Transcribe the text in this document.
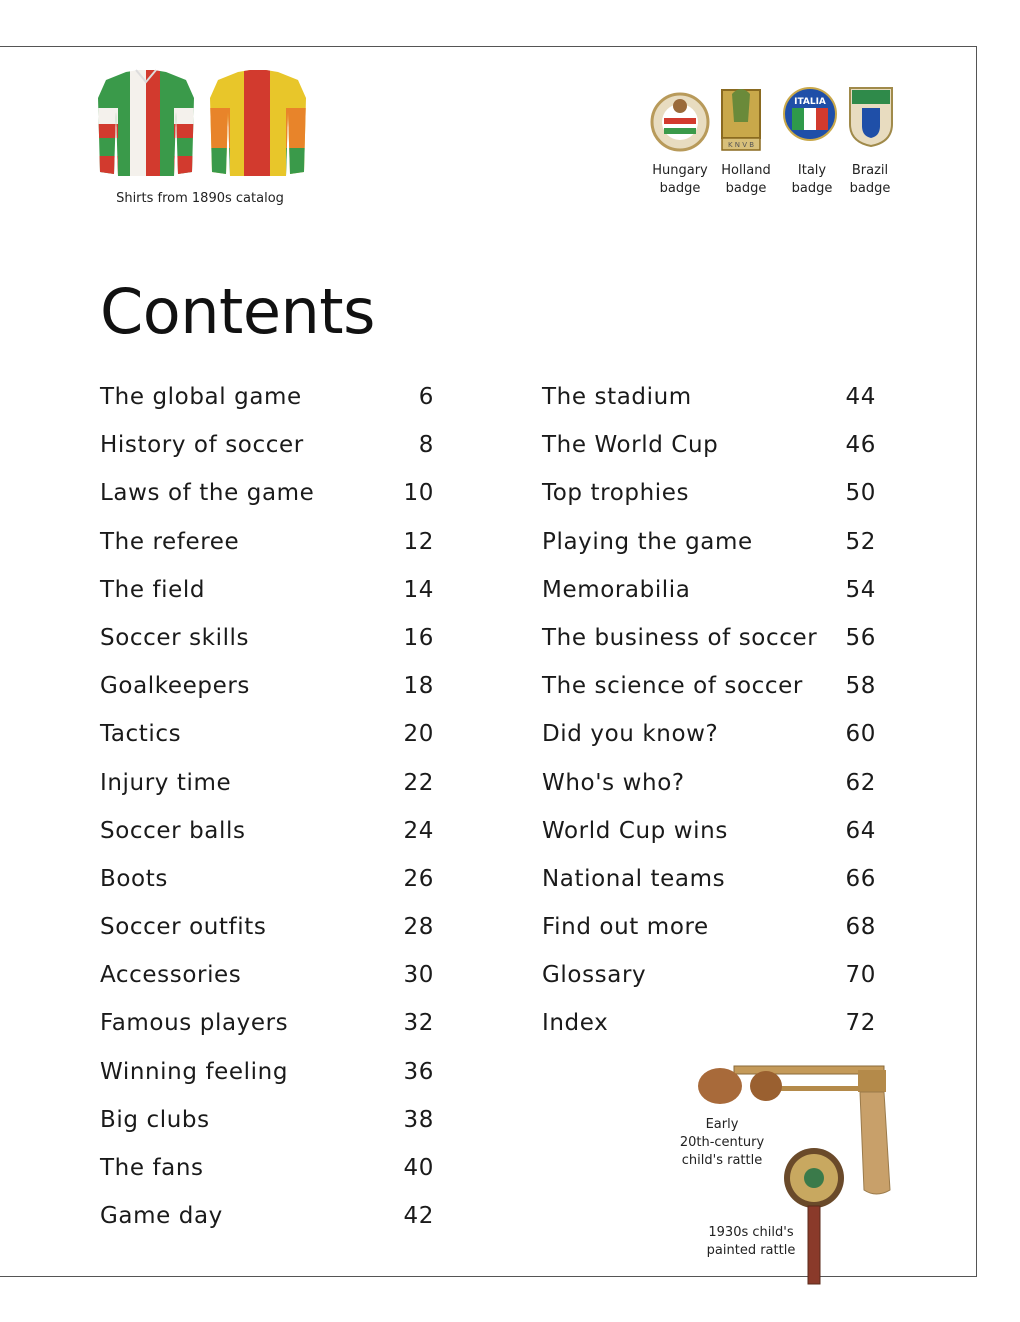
Shirts from 1890s catalog
K N V B
ITALIA
Hungary
badge
Holland
badge
Italy
badge
Brazil
badge
Contents
The global game	6
History of soccer	8
Laws of the game	10
The referee	12
The field	14
Soccer skills	16
Goalkeepers	18
Tactics	20
Injury time	22
Soccer balls	24
Boots	26
Soccer outfits	28
Accessories	30
Famous players	32
Winning feeling	36
Big clubs	38
The fans	40
Game day	42
The stadium	44
The World Cup	46
Top trophies	50
Playing the game	52
Memorabilia	54
The business of soccer 56
The science of soccer 58
Did you know?	60
Who's who?	62
World Cup wins	64
National teams	66
Find out more	68
Glossary	70
Index	72
Early
20th-century
child's rattle
1930s child's
painted rattle
